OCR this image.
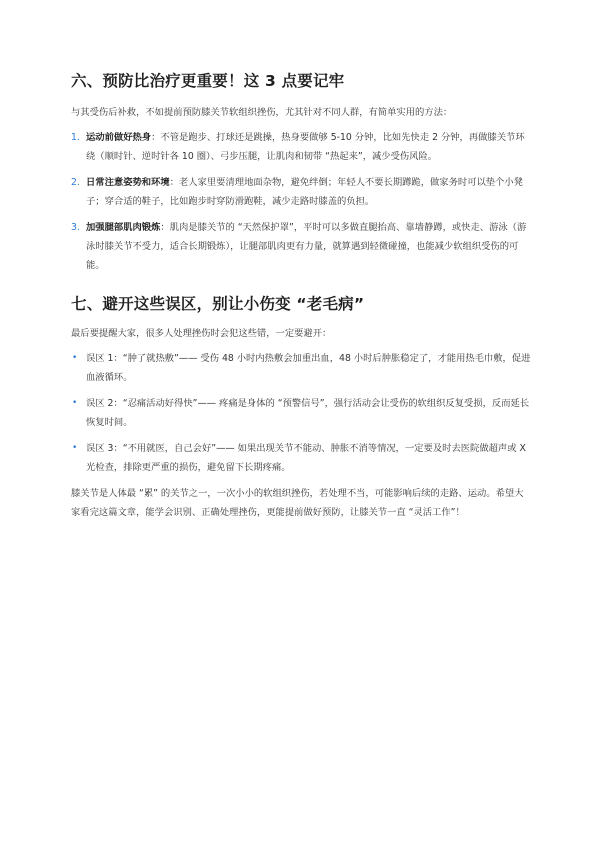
六、预防比治疗更重要！这 3 点要记牢

与其受伤后补救，不如提前预防膝关节软组织挫伤，尤其针对不同人群，有简单实用的方法：

1. 运动前做好热身：不管是跑步、打球还是跳操，热身要做够 5-10 分钟，比如先快走 2 分钟，再做膝关节环绕（顺时针、逆时针各 10 圈）、弓步压腿，让肌肉和韧带 “热起来”，减少受伤风险。
2. 日常注意姿势和环境：老人家里要清理地面杂物，避免绊倒；年轻人不要长期蹲跪，做家务时可以垫个小凳子；穿合适的鞋子，比如跑步时穿防滑跑鞋，减少走路时膝盖的负担。
3. 加强腿部肌肉锻炼：肌肉是膝关节的 “天然保护罩”，平时可以多做直腿抬高、靠墙静蹲，或快走、游泳（游泳时膝关节不受力，适合长期锻炼），让腿部肌肉更有力量，就算遇到轻微碰撞，也能减少软组织受伤的可能。
七、避开这些误区，别让小伤变 “老毛病”

最后要提醒大家，很多人处理挫伤时会犯这些错，一定要避开：

• 误区 1：“肿了就热敷”—— 受伤 48 小时内热敷会加重出血，48 小时后肿胀稳定了，才能用热毛巾敷，促进血液循环。
• 误区 2：“忍痛活动好得快”—— 疼痛是身体的 “预警信号”，强行活动会让受伤的软组织反复受损，反而延长恢复时间。
• 误区 3：“不用就医，自己会好”—— 如果出现关节不能动、肿胀不消等情况，一定要及时去医院做超声或 X 光检查，排除更严重的损伤，避免留下长期疼痛。

膝关节是人体最 “累” 的关节之一，一次小小的软组织挫伤，若处理不当，可能影响后续的走路、运动。希望大家看完这篇文章，能学会识别、正确处理挫伤，更能提前做好预防，让膝关节一直 “灵活工作”！
